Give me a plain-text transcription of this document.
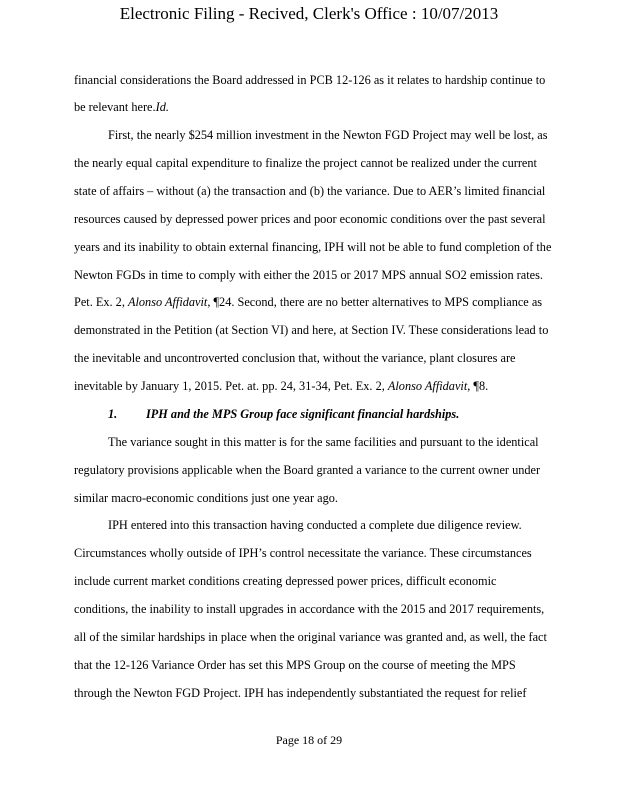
Electronic Filing - Recived, Clerk's Office : 10/07/2013
financial considerations the Board addressed in PCB 12-126 as it relates to hardship continue to
be relevant here.Id.
First, the nearly $254 million investment in the Newton FGD Project may well be lost, as
the nearly equal capital expenditure to finalize the project cannot be realized under the current
state of affairs – without (a) the transaction and (b) the variance. Due to AER’s limited financial
resources caused by depressed power prices and poor economic conditions over the past several
years and its inability to obtain external financing, IPH will not be able to fund completion of the
Newton FGDs in time to comply with either the 2015 or 2017 MPS annual SO2 emission rates.
Pet. Ex. 2, Alonso Affidavit, ¶24. Second, there are no better alternatives to MPS compliance as
demonstrated in the Petition (at Section VI) and here, at Section IV. These considerations lead to
the inevitable and uncontroverted conclusion that, without the variance, plant closures are
inevitable by January 1, 2015. Pet. at. pp. 24, 31-34, Pet. Ex. 2, Alonso Affidavit, ¶8.
1. IPH and the MPS Group face significant financial hardships.
The variance sought in this matter is for the same facilities and pursuant to the identical
regulatory provisions applicable when the Board granted a variance to the current owner under
similar macro-economic conditions just one year ago.
IPH entered into this transaction having conducted a complete due diligence review.
Circumstances wholly outside of IPH’s control necessitate the variance. These circumstances
include current market conditions creating depressed power prices, difficult economic
conditions, the inability to install upgrades in accordance with the 2015 and 2017 requirements,
all of the similar hardships in place when the original variance was granted and, as well, the fact
that the 12-126 Variance Order has set this MPS Group on the course of meeting the MPS
through the Newton FGD Project. IPH has independently substantiated the request for relief
Page 18 of 29
